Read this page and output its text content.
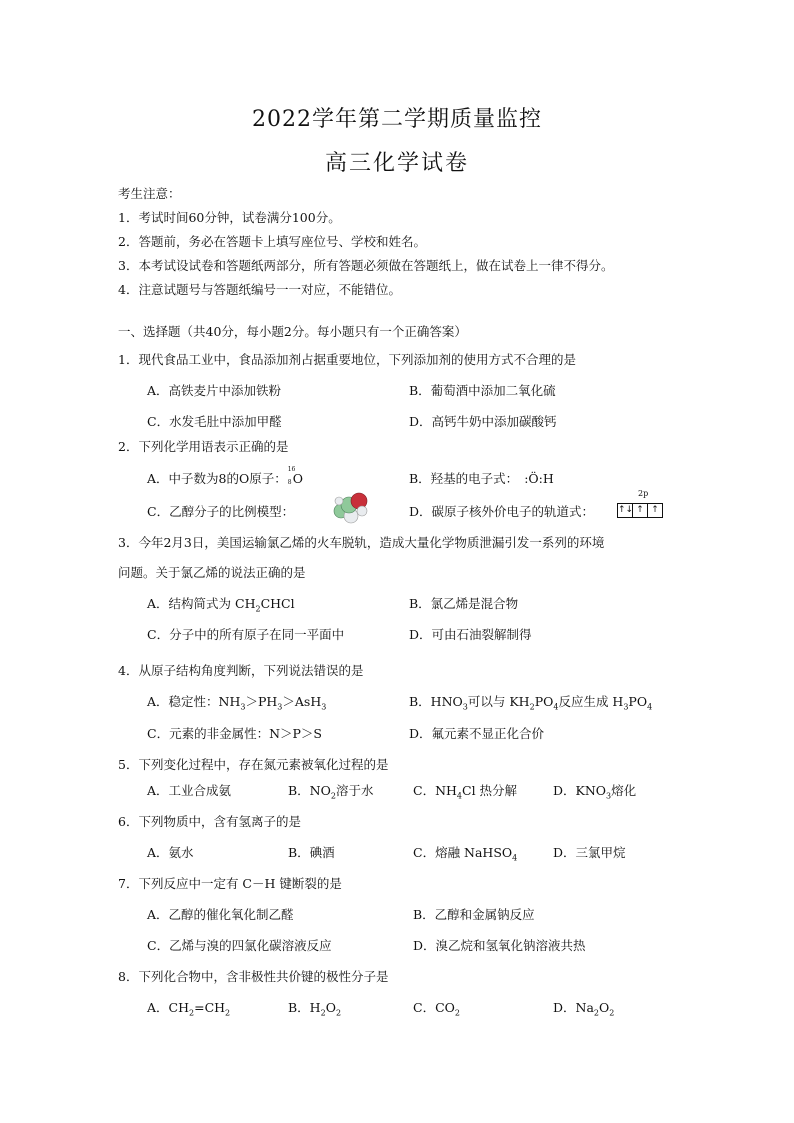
2022学年第二学期质量监控
高三化学试卷
考生注意：
1．考试时间60分钟，试卷满分100分。
2．答题前，务必在答题卡上填写座位号、学校和姓名。
3．本考试设试卷和答题纸两部分，所有答题必须做在答题纸上，做在试卷上一律不得分。
4．注意试题号与答题纸编号一一对应，不能错位。
一、选择题（共40分，每小题2分。每小题只有一个正确答案）
1．现代食品工业中，食品添加剂占据重要地位，下列添加剂的使用方式不合理的是
A．高铁麦片中添加铁粉	B．葡萄酒中添加二氧化硫
C．水发毛肚中添加甲醛	D．高钙牛奶中添加碳酸钙
2．下列化学用语表示正确的是
A．中子数为8的O原子：
16
8 O	B．羟基的电子式： :Ö:H
C．乙醇分子的比例模型：	D．碳原子核外价电子的轨道式：
2p
↑↓ ↑ ↑
3．今年2月3日，美国运输氯乙烯的火车脱轨，造成大量化学物质泄漏引发一系列的环境
问题。关于氯乙烯的说法正确的是
A．结构简式为 $CH_2CHCl$	B．氯乙烯是混合物
C．分子中的所有原子在同一平面中	D．可由石油裂解制得
4．从原子结构角度判断，下列说法错误的是
A．稳定性：$NH_3>PH_3>AsH_3$	B．$HNO_3$可以与 $KH_2PO_4$反应生成 $H_3PO_4$
C．元素的非金属性：N＞P＞S	D．氟元素不显正化合价
5．下列变化过程中，存在氮元素被氧化过程的是
A．工业合成氨	B．$NO_2$溶于水	C．$NH_4Cl$ 热分解	D．$KNO_3$熔化
6．下列物质中，含有氢离子的是
A．氨水	B．碘酒	C．熔融 NaHSO$_4$	D．三氯甲烷
7．下列反应中一定有 C－H 键断裂的是
A．乙醇的催化氧化制乙醛	B．乙醇和金属钠反应
C．乙烯与溴的四氯化碳溶液反应	D．溴乙烷和氢氧化钠溶液共热
8．下列化合物中，含非极性共价键的极性分子是
A．$CH_2=CH_2$	B．$H_2O_2$	C．$CO_2$	D．$Na_2O_2$
